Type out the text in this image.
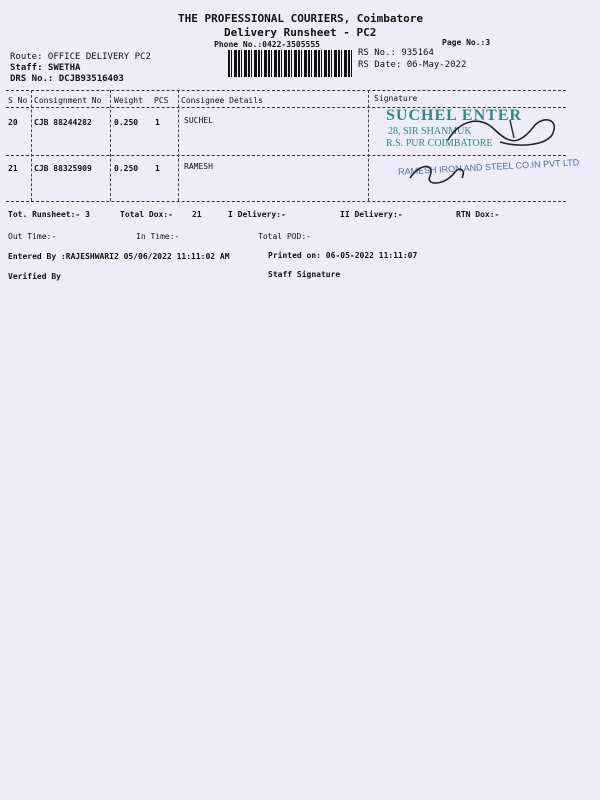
THE PROFESSIONAL COURIERS, Coimbatore
Delivery Runsheet - PC2
Phone No.:0422-3505555	Page No.:3
Route: OFFICE DELIVERY PC2
Staff: SWETHA
DRS No.: DCJB93516403
RS No.: 935164
RS Date: 06-May-2022
S No Consignment No Weight PCS Consignee Details	Signature
20 CJB 88244282	0.250 1	SUCHEL
21 CJB 88325909	0.250 1	RAMESH
SUCHEL ENTER
28, SIR SHANMUK
R.S. PUR COIMBATORE
RAMESH IRON AND STEEL CO.IN PVT LTD
Tot. Runsheet:- 3	Total Dox:- 21	I Delivery:-	II Delivery:-	RTN Dox:-
Out Time:-	In Time:-	Total POD:-
Entered By :RAJESHWARI2 05/06/2022 11:11:02 AM	Printed on: 06-05-2022 11:11:07
Verified By	Staff Signature
